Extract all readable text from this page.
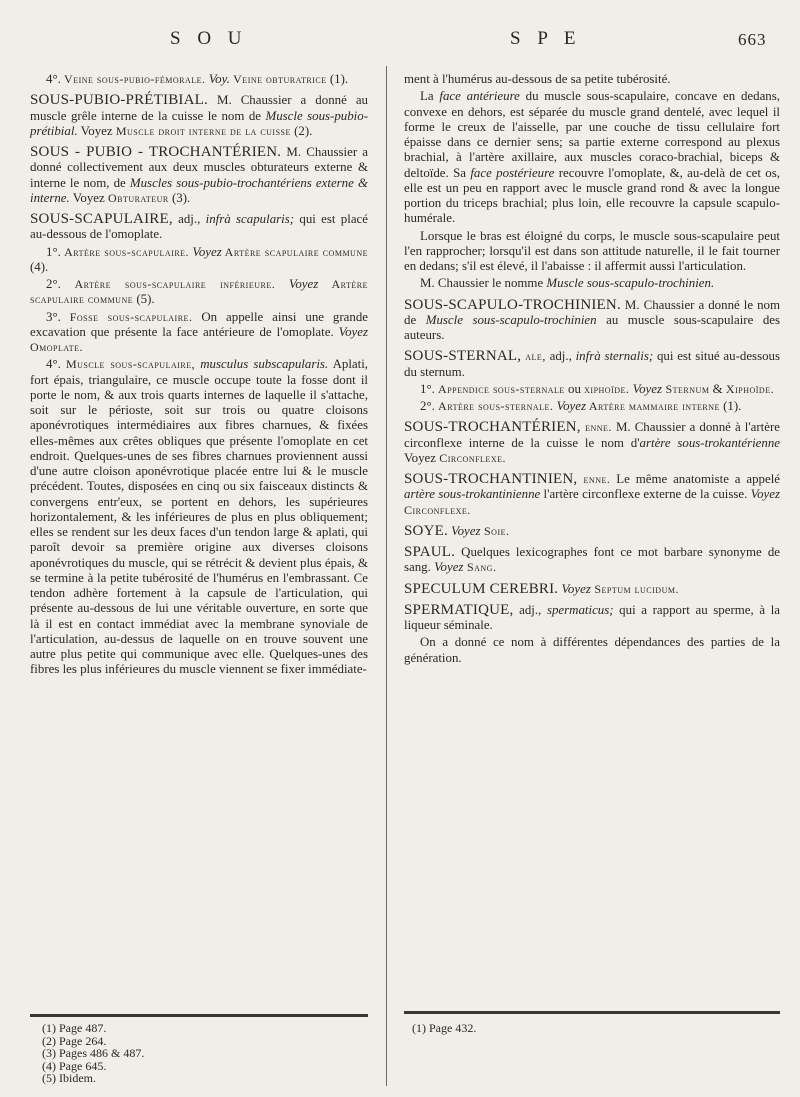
S O U	S P E	663

4°. Veine sous-pubio-fémorale. Voy. Veine obturatrice (1).

SOUS-PUBIO-PRÉTIBIAL. M. Chaussier a donné au muscle grêle interne de la cuisse le nom de Muscle sous-pubio-prétibial. Voyez Muscle droit interne de la cuisse (2).

SOUS - PUBIO - TROCHANTÉRIEN. M. Chaussier a donné collectivement aux deux muscles obturateurs externe & interne le nom, de Muscles sous-pubio-trochantériens externe & interne. Voyez Obturateur (3).

SOUS-SCAPULAIRE, adj., infrà scapularis; qui est placé au-dessous de l'omoplate.

1°. Artère sous-scapulaire. Voyez Artère scapulaire commune (4).

2°. Artère sous-scapulaire inférieure. Voyez Artère scapulaire commune (5).

3°. Fosse sous-scapulaire. On appelle ainsi une grande excavation que présente la face antérieure de l'omoplate. Voyez Omoplate.

4°. Muscle sous-scapulaire, musculus subscapularis. Aplati, fort épais, triangulaire, ce muscle occupe toute la fosse dont il porte le nom, & aux trois quarts internes de laquelle il s'attache, soit sur le périoste, soit sur trois ou quatre cloisons aponévrotiques intermédiaires aux fibres charnues, & fixées elles-mêmes aux crêtes obliques que présente l'omoplate en cet endroit. Quelques-unes de ses fibres charnues proviennent aussi d'une autre cloison aponévrotique placée entre lui & le muscle précédent. Toutes, disposées en cinq ou six faisceaux distincts & convergens entr'eux, se portent en dehors, les supérieures horizontalement, & les inférieures de plus en plus obliquement; elles se rendent sur les deux faces d'un tendon large & aplati, qui paroît devoir sa première origine aux diverses cloisons aponévrotiques du muscle, qui se rétrécit & devient plus épais, & se termine à la petite tubérosité de l'humérus en l'embrassant. Ce tendon adhère fortement à la capsule de l'articulation, qui présente au-dessous de lui une véritable ouverture, en sorte que là il est en contact immédiat avec la membrane synoviale de l'articulation, au-dessus de laquelle on en trouve souvent une autre plus petite qui communique avec elle. Quelques-unes des fibres les plus inférieures du muscle viennent se fixer immédiate-

ment à l'humérus au-dessous de sa petite tubérosité.

La face antérieure du muscle sous-scapulaire, concave en dedans, convexe en dehors, est séparée du muscle grand dentelé, avec lequel il forme le creux de l'aisselle, par une couche de tissu cellulaire fort épaisse dans ce dernier sens; sa partie externe correspond au plexus brachial, à l'artère axillaire, aux muscles coraco-brachial, biceps & deltoïde. Sa face postérieure recouvre l'omoplate, &, au-delà de cet os, elle est un peu en rapport avec le muscle grand rond & avec la longue portion du triceps brachial; plus loin, elle recouvre la capsule scapulo-humérale.

Lorsque le bras est éloigné du corps, le muscle sous-scapulaire peut l'en rapprocher; lorsqu'il est dans son attitude naturelle, il le fait tourner en dedans; s'il est élevé, il l'abaisse : il affermit aussi l'articulation.

M. Chaussier le nomme Muscle sous-scapulo-trochinien.

SOUS-SCAPULO-TROCHINIEN. M. Chaussier a donné le nom de Muscle sous-scapulo-trochinien au muscle sous-scapulaire des auteurs.

SOUS-STERNAL, ale, adj., infrà sternalis; qui est situé au-dessous du sternum.

1°. Appendice sous-sternale ou xiphoïde. Voyez Sternum & Xiphoïde.

2°. Artère sous-sternale. Voyez Artère mammaire interne (1).

SOUS-TROCHANTÉRIEN, enne. M. Chaussier a donné à l'artère circonflexe interne de la cuisse le nom d'artère sous-trokantérienne Voyez Circonflexe.

SOUS-TROCHANTINIEN, enne. Le même anatomiste a appelé artère sous-trokantinienne l'artère circonflexe externe de la cuisse. Voyez Circonflexe.

SOYE. Voyez Soie.

SPAUL. Quelques lexicographes font ce mot barbare synonyme de sang. Voyez Sang.

SPECULUM CEREBRI. Voyez Septum lucidum.

SPERMATIQUE, adj., spermaticus; qui a rapport au sperme, à la liqueur séminale.

On a donné ce nom à différentes dépendances des parties de la génération.

(1) Page 487.
(2) Page 264.
(3) Pages 486 & 487.
(4) Page 645.
(5) Ibidem.
(1) Page 432.
